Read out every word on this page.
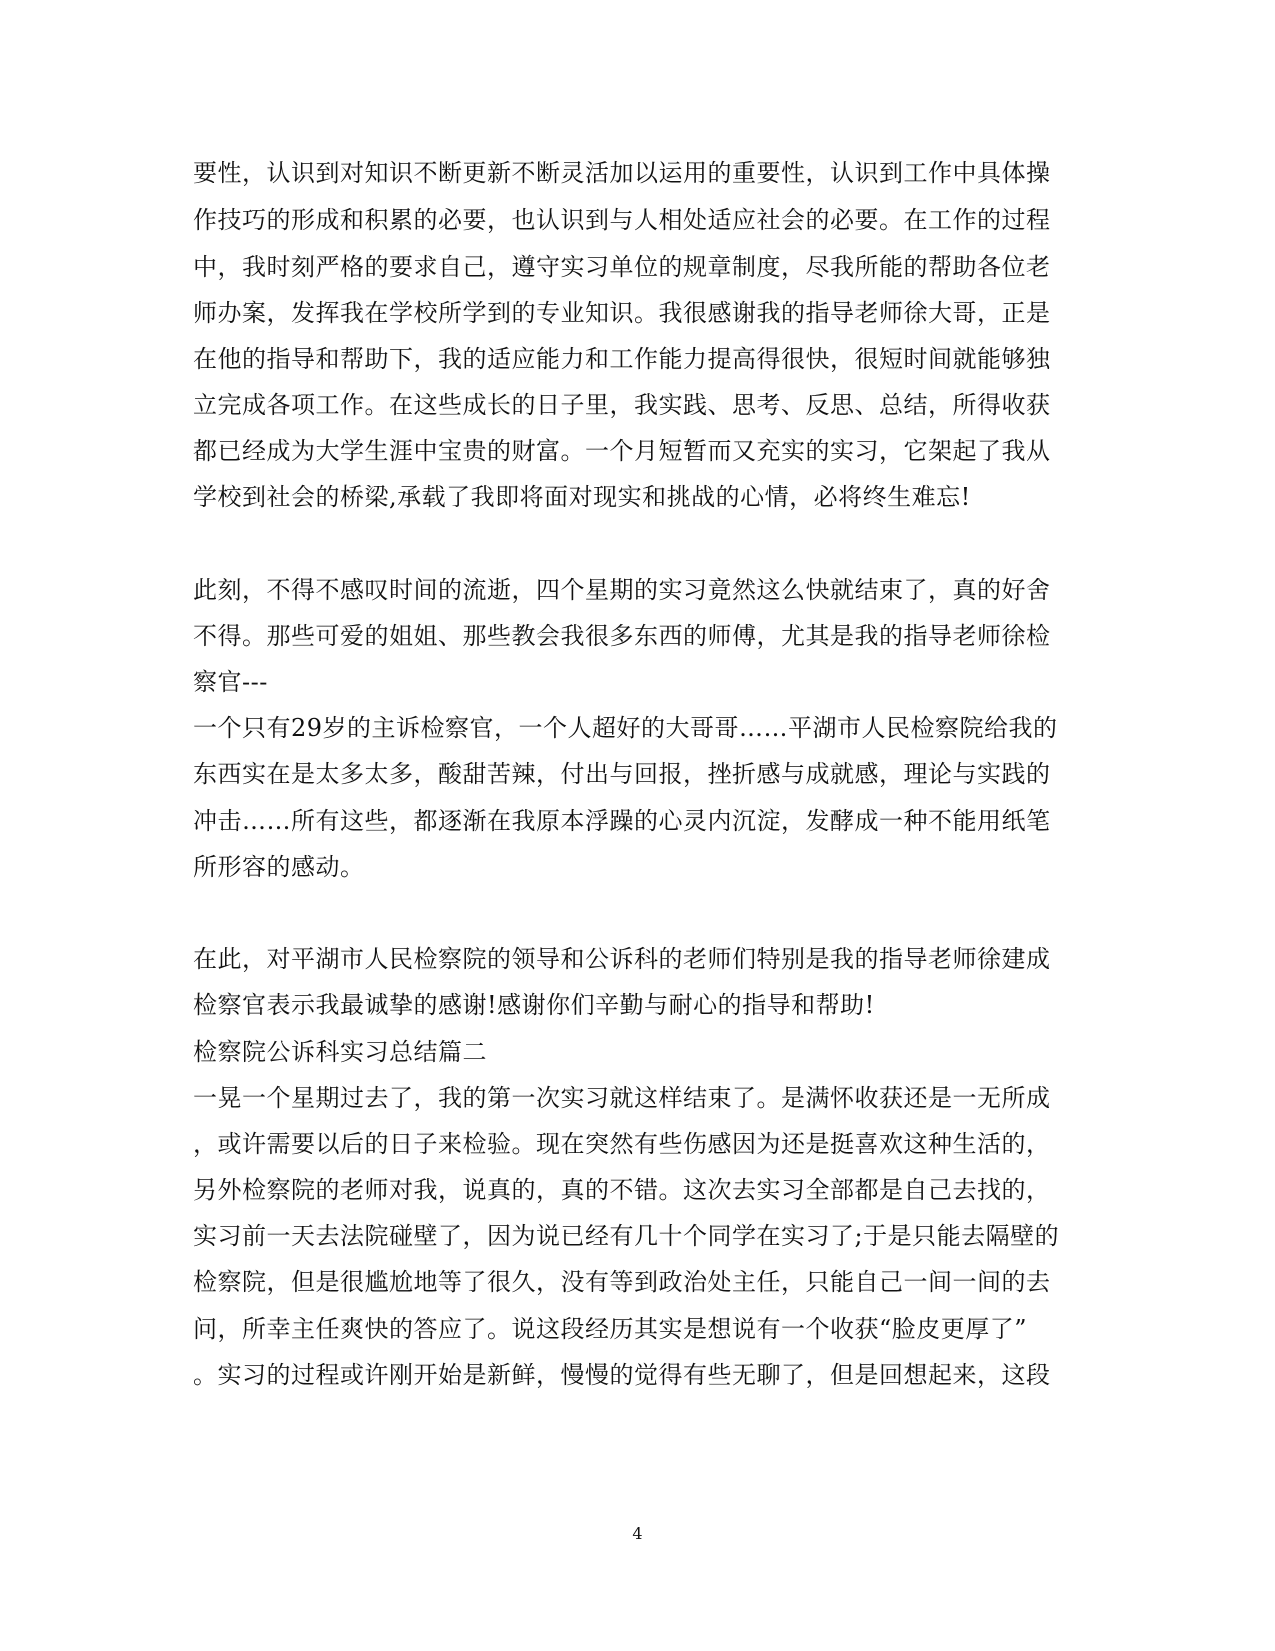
要性，认识到对知识不断更新不断灵活加以运用的重要性，认识到工作中具体操
作技巧的形成和积累的必要，也认识到与人相处适应社会的必要。在工作的过程
中，我时刻严格的要求自己，遵守实习单位的规章制度，尽我所能的帮助各位老
师办案，发挥我在学校所学到的专业知识。我很感谢我的指导老师徐大哥，正是
在他的指导和帮助下，我的适应能力和工作能力提高得很快，很短时间就能够独
立完成各项工作。在这些成长的日子里，我实践、思考、反思、总结，所得收获
都已经成为大学生涯中宝贵的财富。一个月短暂而又充实的实习，它架起了我从
学校到社会的桥梁,承载了我即将面对现实和挑战的心情，必将终生难忘!
此刻，不得不感叹时间的流逝，四个星期的实习竟然这么快就结束了，真的好舍
不得。那些可爱的姐姐、那些教会我很多东西的师傅，尤其是我的指导老师徐检
察官---
一个只有29岁的主诉检察官，一个人超好的大哥哥……平湖市人民检察院给我的
东西实在是太多太多，酸甜苦辣，付出与回报，挫折感与成就感，理论与实践的
冲击……所有这些，都逐渐在我原本浮躁的心灵内沉淀，发酵成一种不能用纸笔
所形容的感动。
在此，对平湖市人民检察院的领导和公诉科的老师们特别是我的指导老师徐建成
检察官表示我最诚挚的感谢!感谢你们辛勤与耐心的指导和帮助!
检察院公诉科实习总结篇二
一晃一个星期过去了，我的第一次实习就这样结束了。是满怀收获还是一无所成
，或许需要以后的日子来检验。现在突然有些伤感因为还是挺喜欢这种生活的，
另外检察院的老师对我，说真的，真的不错。这次去实习全部都是自己去找的，
实习前一天去法院碰壁了，因为说已经有几十个同学在实习了;于是只能去隔壁的
检察院，但是很尴尬地等了很久，没有等到政治处主任，只能自己一间一间的去
问，所幸主任爽快的答应了。说这段经历其实是想说有一个收获“脸皮更厚了”
。实习的过程或许刚开始是新鲜，慢慢的觉得有些无聊了，但是回想起来，这段
4
